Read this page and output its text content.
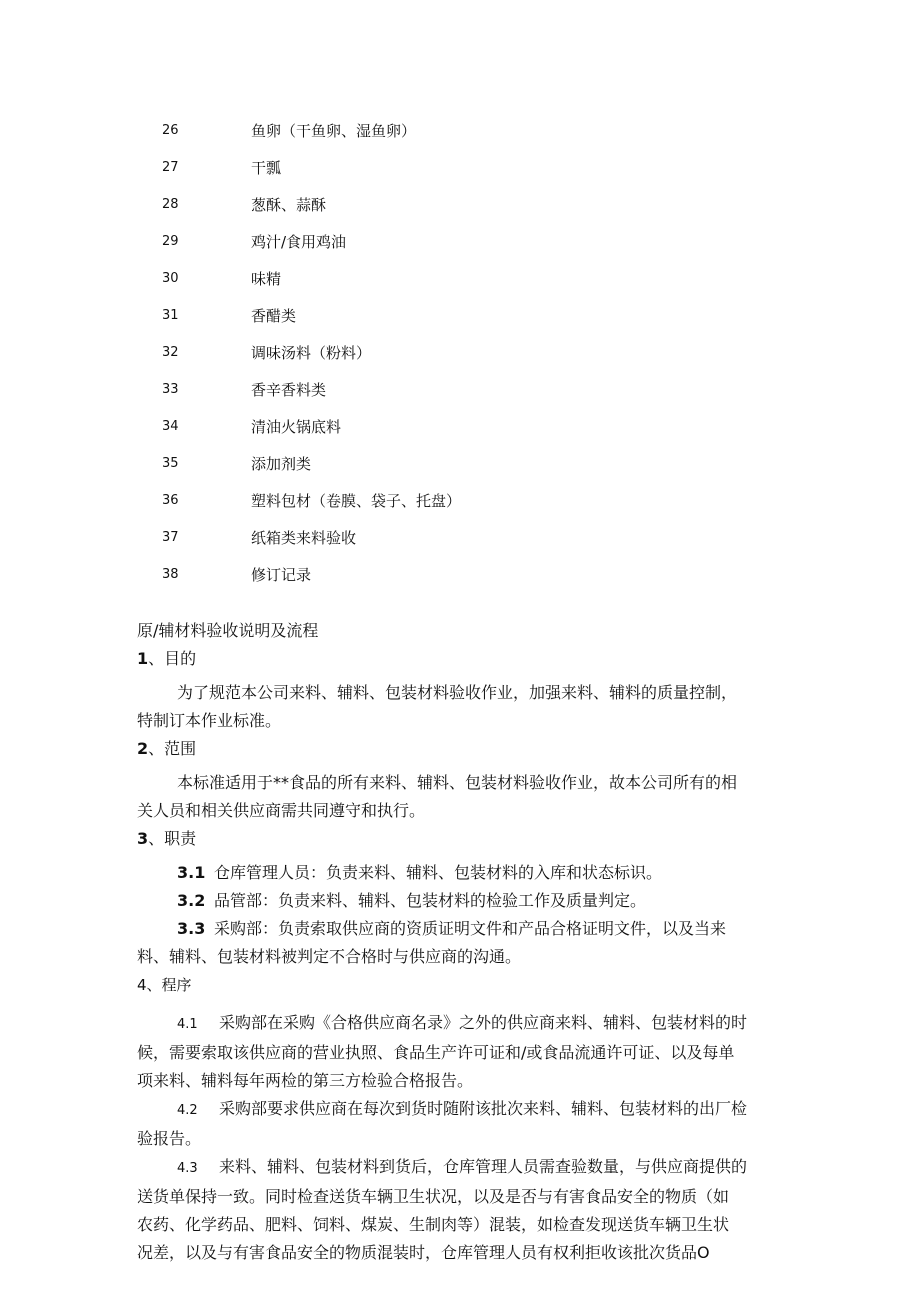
26	鱼卵（干鱼卵、湿鱼卵）
27	干瓢
28	葱酥、蒜酥
29	鸡汁/食用鸡油
30	味精
31	香醋类
32	调味汤料（粉料）
33	香辛香料类
34	清油火锅底料
35	添加剂类
36	塑料包材（卷膜、袋子、托盘）
37	纸箱类来料验收
38	修订记录

原/辅材料验收说明及流程

1、目的

为了规范本公司来料、辅料、包装材料验收作业，加强来料、辅料的质量控制，

特制订本作业标准。

2、范围

本标准适用于**食品的所有来料、辅料、包装材料验收作业，故本公司所有的相

关人员和相关供应商需共同遵守和执行。

3、职责

3.1 仓库管理人员：负责来料、辅料、包装材料的入库和状态标识。

3.2 品管部：负责来料、辅料、包装材料的检验工作及质量判定。

3.3 采购部：负责索取供应商的资质证明文件和产品合格证明文件，以及当来

料、辅料、包装材料被判定不合格时与供应商的沟通。

4、程序

4.1 采购部在采购《合格供应商名录》之外的供应商来料、辅料、包装材料的时

候，需要索取该供应商的营业执照、食品生产许可证和/或食品流通许可证、以及每单

项来料、辅料每年两检的第三方检验合格报告。

4.2 采购部要求供应商在每次到货时随附该批次来料、辅料、包装材料的出厂检

验报告。

4.3 来料、辅料、包装材料到货后，仓库管理人员需查验数量，与供应商提供的

送货单保持一致。同时检查送货车辆卫生状况，以及是否与有害食品安全的物质（如

农药、化学药品、肥料、饲料、煤炭、生制肉等）混装，如检查发现送货车辆卫生状

况差，以及与有害食品安全的物质混装时，仓库管理人员有权利拒收该批次货品O
